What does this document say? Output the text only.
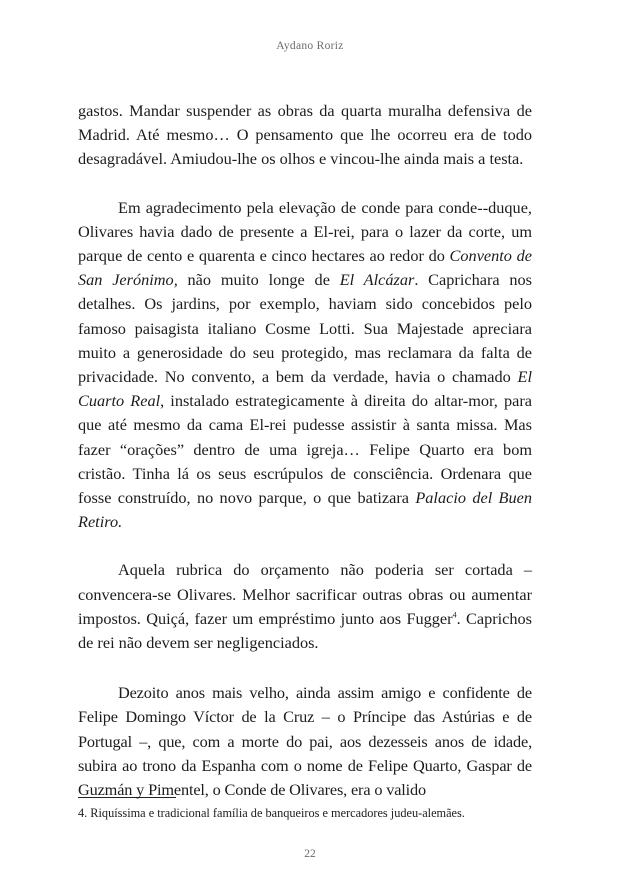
Aydano Roriz

gastos. Mandar suspender as obras da quarta muralha defensiva de Madrid. Até mesmo… O pensamento que lhe ocorreu era de todo desagradável. Amiudou-lhe os olhos e vincou-lhe ainda mais a testa.

Em agradecimento pela elevação de conde para conde--duque, Olivares havia dado de presente a El-rei, para o lazer da corte, um parque de cento e quarenta e cinco hectares ao redor do Convento de San Jerónimo, não muito longe de El Alcázar. Caprichara nos detalhes. Os jardins, por exemplo, haviam sido concebidos pelo famoso paisagista italiano Cosme Lotti. Sua Majestade apreciara muito a generosidade do seu protegido, mas reclamara da falta de privacidade. No convento, a bem da verdade, havia o chamado El Cuarto Real, instalado estrategicamente à direita do altar-mor, para que até mesmo da cama El-rei pudesse assistir à santa missa. Mas fazer “orações” dentro de uma igreja… Felipe Quarto era bom cristão. Tinha lá os seus escrúpulos de consciência. Ordenara que fosse construído, no novo parque, o que batizara Palacio del Buen Retiro.

Aquela rubrica do orçamento não poderia ser cortada – convencera-se Olivares. Melhor sacrificar outras obras ou aumentar impostos. Quiçá, fazer um empréstimo junto aos Fugger$^4$. Caprichos de rei não devem ser negligenciados.

Dezoito anos mais velho, ainda assim amigo e confidente de Felipe Domingo Víctor de la Cruz – o Príncipe das Astúrias e de Portugal –, que, com a morte do pai, aos dezesseis anos de idade, subira ao trono da Espanha com o nome de Felipe Quarto, Gaspar de Guzmán y Pimentel, o Conde de Olivares, era o valido

4. Riquíssima e tradicional família de banqueiros e mercadores judeu-alemães.
22
